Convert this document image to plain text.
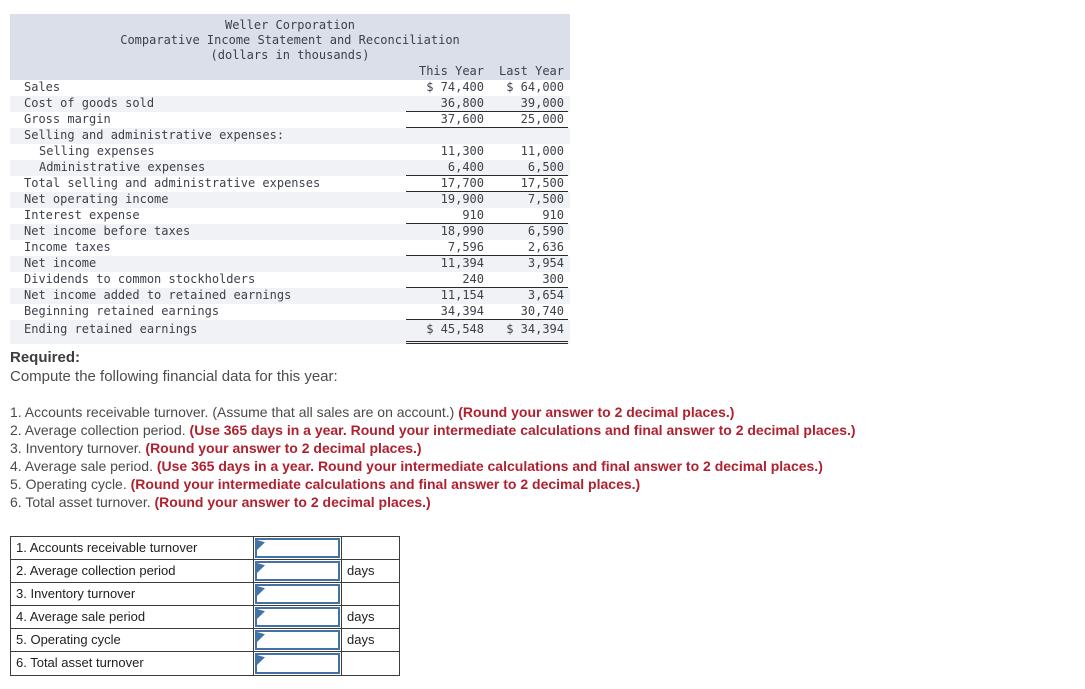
Weller Corporation
Comparative Income Statement and Reconciliation
(dollars in thousands)
This Year	Last Year
Sales	$ 74,400	$ 64,000
Cost of goods sold	36,800	39,000
Gross margin	37,600	25,000
Selling and administrative expenses:
Selling expenses	11,300	11,000
Administrative expenses	6,400	6,500
Total selling and administrative expenses	17,700	17,500
Net operating income	19,900	7,500
Interest expense	910	910
Net income before taxes	18,990	6,590
Income taxes	7,596	2,636
Net income	11,394	3,954
Dividends to common stockholders	240	300
Net income added to retained earnings	11,154	3,654
Beginning retained earnings	34,394	30,740
Ending retained earnings	$ 45,548	$ 34,394
Required:
Compute the following financial data for this year:
1. Accounts receivable turnover. (Assume that all sales are on account.) (Round your answer to 2 decimal places.)
2. Average collection period. (Use 365 days in a year. Round your intermediate calculations and final answer to 2 decimal places.)
3. Inventory turnover. (Round your answer to 2 decimal places.)
4. Average sale period. (Use 365 days in a year. Round your intermediate calculations and final answer to 2 decimal places.)
5. Operating cycle. (Round your intermediate calculations and final answer to 2 decimal places.)
6. Total asset turnover. (Round your answer to 2 decimal places.)
1. Accounts receivable turnover
2. Average collection period	days
3. Inventory turnover
4. Average sale period	days
5. Operating cycle	days
6. Total asset turnover
